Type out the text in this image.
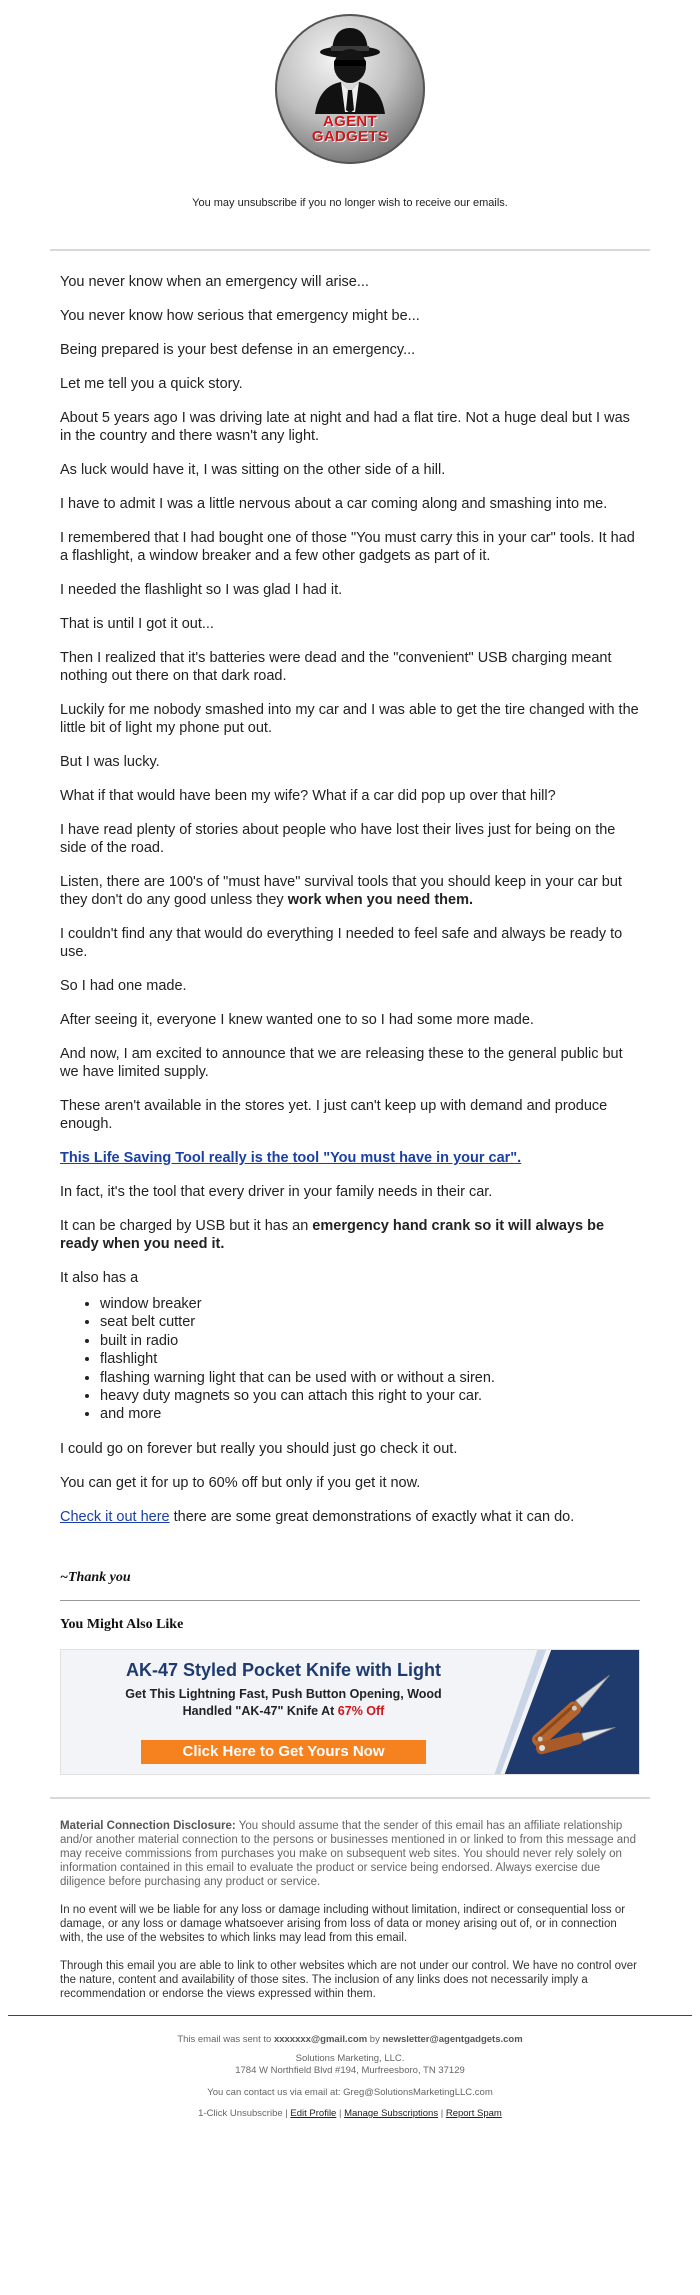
AGENT
GADGETS
You may unsubscribe if you no longer wish to receive our emails.

You never know when an emergency will arise...

You never know how serious that emergency might be...

Being prepared is your best defense in an emergency...

Let me tell you a quick story.

About 5 years ago I was driving late at night and had a flat tire. Not a huge deal but I was in the country and there wasn't any light.

As luck would have it, I was sitting on the other side of a hill.

I have to admit I was a little nervous about a car coming along and smashing into me.

I remembered that I had bought one of those "You must carry this in your car" tools. It had a flashlight, a window breaker and a few other gadgets as part of it.

I needed the flashlight so I was glad I had it.

That is until I got it out...

Then I realized that it's batteries were dead and the "convenient" USB charging meant nothing out there on that dark road.

Luckily for me nobody smashed into my car and I was able to get the tire changed with the little bit of light my phone put out.

But I was lucky.

What if that would have been my wife? What if a car did pop up over that hill?

I have read plenty of stories about people who have lost their lives just for being on the side of the road.

Listen, there are 100's of "must have" survival tools that you should keep in your car but they don't do any good unless they work when you need them.

I couldn't find any that would do everything I needed to feel safe and always be ready to use.

So I had one made.

After seeing it, everyone I knew wanted one to so I had some more made.

And now, I am excited to announce that we are releasing these to the general public but we have limited supply.

These aren't available in the stores yet. I just can't keep up with demand and produce enough.

This Life Saving Tool really is the tool "You must have in your car".

In fact, it's the tool that every driver in your family needs in their car.

It can be charged by USB but it has an emergency hand crank so it will always be ready when you need it.

It also has a

• window breaker
• seat belt cutter
• built in radio
• flashlight
• flashing warning light that can be used with or without a siren.
• heavy duty magnets so you can attach this right to your car.
• and more

I could go on forever but really you should just go check it out.

You can get it for up to 60% off but only if you get it now.

Check it out here there are some great demonstrations of exactly what it can do.

~Thank you
You Might Also Like
AK-47 Styled Pocket Knife with Light
Get This Lightning Fast, Push Button Opening, Wood
Handled "AK-47" Knife At 67% Off
Click Here to Get Yours Now

Material Connection Disclosure: You should assume that the sender of this email has an affiliate relationship and/or another material connection to the persons or businesses mentioned in or linked to from this message and may receive commissions from purchases you make on subsequent web sites. You should never rely solely on information contained in this email to evaluate the product or service being endorsed. Always exercise due diligence before purchasing any product or service.

In no event will we be liable for any loss or damage including without limitation, indirect or consequential loss or damage, or any loss or damage whatsoever arising from loss of data or money arising out of, or in connection with, the use of the websites to which links may lead from this email.

Through this email you are able to link to other websites which are not under our control. We have no control over the nature, content and availability of those sites. The inclusion of any links does not necessarily imply a recommendation or endorse the views expressed within them.

This email was sent to xxxxxxx@gmail.com by newsletter@agentgadgets.com
Solutions Marketing, LLC.
1784 W Northfield Blvd #194, Murfreesboro, TN 37129
You can contact us via email at: Greg@SolutionsMarketingLLC.com
1-Click Unsubscribe | Edit Profile | Manage Subscriptions | Report Spam
